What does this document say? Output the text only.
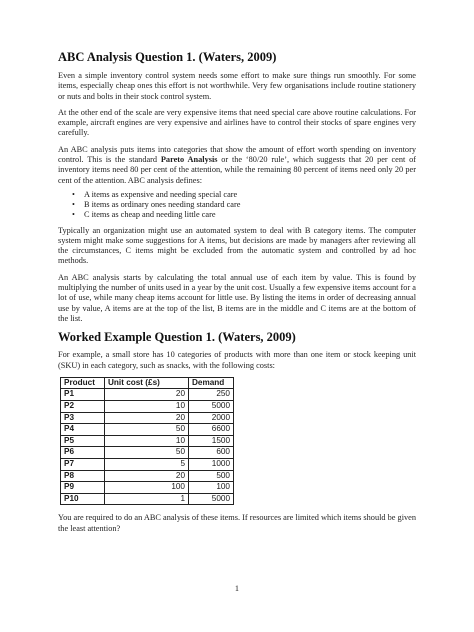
ABC Analysis Question 1. (Waters, 2009)

Even a simple inventory control system needs some effort to make sure things run smoothly. For some items, especially cheap ones this effort is not worthwhile. Very few organisations include routine stationery or nuts and bolts in their stock control system.

At the other end of the scale are very expensive items that need special care above routine calculations. For example, aircraft engines are very expensive and airlines have to control their stocks of spare engines very carefully.

An ABC analysis puts items into categories that show the amount of effort worth spending on inventory control. This is the standard Pareto Analysis or the ‘80/20 rule’, which suggests that 20 per cent of inventory items need 80 per cent of the attention, while the remaining 80 percent of items need only 20 per cent of the attention. ABC analysis defines:

• A items as expensive and needing special care
• B items as ordinary ones needing standard care
• C items as cheap and needing little care

Typically an organization might use an automated system to deal with B category items. The computer system might make some suggestions for A items, but decisions are made by managers after reviewing all the circumstances, C items might be excluded from the automatic system and controlled by ad hoc methods.

An ABC analysis starts by calculating the total annual use of each item by value. This is found by multiplying the number of units used in a year by the unit cost. Usually a few expensive items account for a lot of use, while many cheap items account for little use. By listing the items in order of decreasing annual use by value, A items are at the top of the list, B items are in the middle and C items are at the bottom of the list.

Worked Example Question 1. (Waters, 2009)

For example, a small store has 10 categories of products with more than one item or stock keeping unit (SKU) in each category, such as snacks, with the following costs:

Product	Unit cost (£s)	Demand
P1	20	250
P2	10	5000
P3	20	2000
P4	50	6600
P5	10	1500
P6	50	600
P7	5	1000
P8	20	500
P9	100	100
P10	1	5000

You are required to do an ABC analysis of these items. If resources are limited which items should be given the least attention?

1
